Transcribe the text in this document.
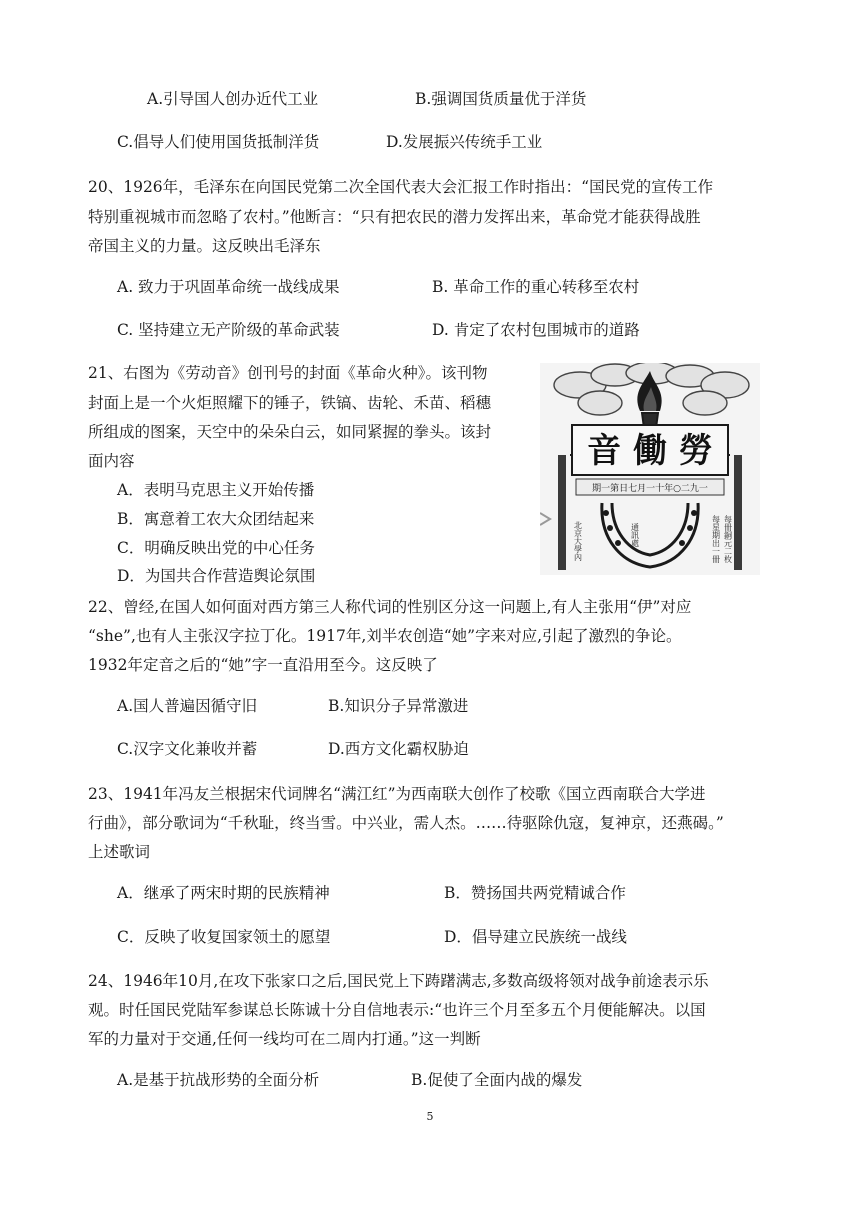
A.引导国人创办近代工业	B.强调国货质量优于洋货
C.倡导人们使用国货抵制洋货	D.发展振兴传统手工业
20、1926年，毛泽东在向国民党第二次全国代表大会汇报工作时指出：“国民党的宣传工作
特别重视城市而忽略了农村。”他断言：“只有把农民的潜力发挥出来，革命党才能获得战胜
帝国主义的力量。这反映出毛泽东
A. 致力于巩固革命统一战线成果	B. 革命工作的重心转移至农村
C. 坚持建立无产阶级的革命武装	D. 肯定了农村包围城市的道路
21、右图为《劳动音》创刊号的封面《革命火种》。该刊物
封面上是一个火炬照耀下的锤子，铁镐、齿轮、禾苗、稻穗
所组成的图案，天空中的朵朵白云，如同紧握的拳头。该封
面内容
A．表明马克思主义开始传播
B．寓意着工农大众团结起来
C．明确反映出党的中心任务
D．为国共合作营造舆论氛围
音 働 勞
期一第日七月一十年○二九一
每星期出一冊 每冊銅元二枚
北京大學內	通訊處
22、曾经,在国人如何面对西方第三人称代词的性别区分这一问题上,有人主张用“伊”对应
“she”,也有人主张汉字拉丁化。1917年,刘半农创造“她”字来对应,引起了激烈的争论。
1932年定音之后的“她”字一直沿用至今。这反映了
A.国人普遍因循守旧	B.知识分子异常激进
C.汉字文化兼收并蓄	D.西方文化霸权胁迫
23、1941年冯友兰根据宋代词牌名“满江红”为西南联大创作了校歌《国立西南联合大学进
行曲》，部分歌词为“千秋耻，终当雪。中兴业，需人杰。……待驱除仇寇，复神京，还燕碣。”
上述歌词
A．继承了两宋时期的民族精神	B．赞扬国共两党精诚合作
C．反映了收复国家领土的愿望	D．倡导建立民族统一战线
24、1946年10月,在攻下张家口之后,国民党上下踌躇满志,多数高级将领对战争前途表示乐
观。时任国民党陆军参谋总长陈诚十分自信地表示:“也许三个月至多五个月便能解决。以国
军的力量对于交通,任何一线均可在二周内打通。”这一判断
A.是基于抗战形势的全面分析	B.促使了全面内战的爆发
5
